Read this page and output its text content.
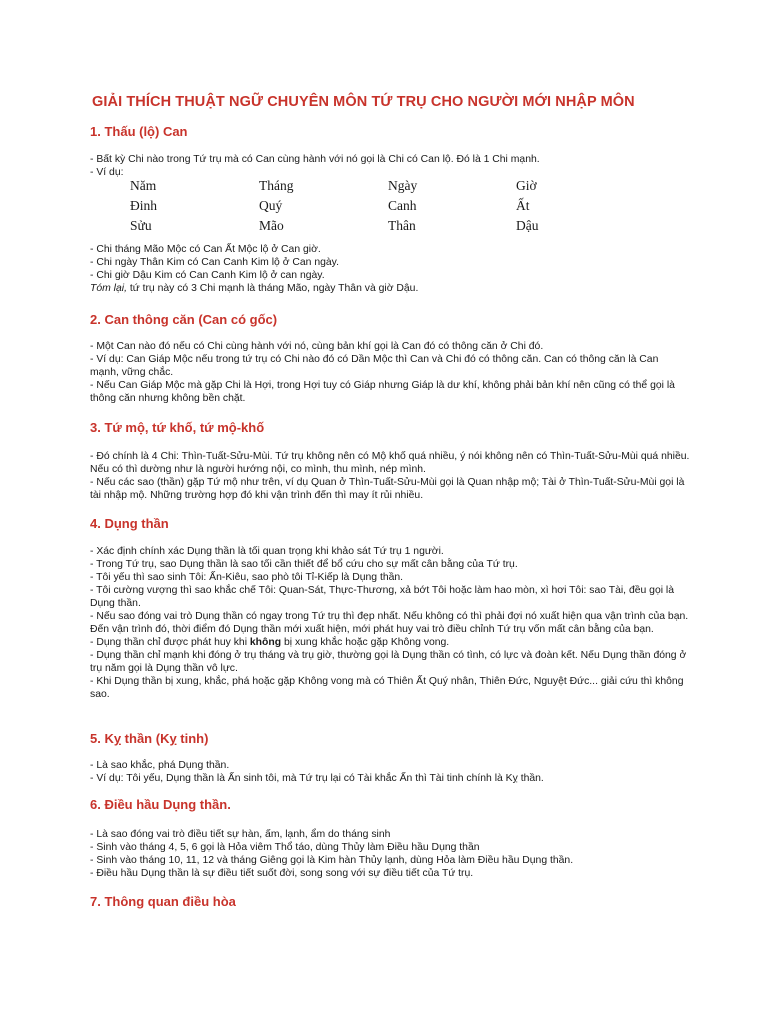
GIẢI THÍCH THUẬT NGỮ CHUYÊN MÔN TỨ TRỤ CHO NGƯỜI MỚI NHẬP MÔN
1. Thấu (lộ) Can
- Bất kỳ Chi nào trong Tứ trụ mà có Can cùng hành với nó gọi là Chi có Can lộ. Đó là 1 Chi mạnh.
- Ví dụ:
Năm	Tháng	Ngày	Giờ
Đinh	Quý	Canh	Ất
Sửu	Mão	Thân	Dậu
- Chi tháng Mão Mộc có Can Ất Mộc lộ ở Can giờ.
- Chi ngày Thân Kim có Can Canh Kim lộ ở Can ngày.
- Chi giờ Dậu Kim có Can Canh Kim lộ ở can ngày.
Tóm lại, tứ trụ này có 3 Chi mạnh là tháng Mão, ngày Thân và giờ Dậu.
2. Can thông căn (Can có gốc)
- Một Can nào đó nếu có Chi cùng hành với nó, cùng bản khí gọi là Can đó có thông căn ở Chi đó.
- Ví dụ: Can Giáp Mộc nếu trong tứ trụ có Chi nào đó có Dần Mộc thì Can và Chi đó có thông căn. Can có thông căn là Can mạnh, vững chắc.
- Nếu Can Giáp Mộc mà gặp Chi là Hợi, trong Hợi tuy có Giáp nhưng Giáp là dư khí, không phải bản khí nên cũng có thể gọi là thông căn nhưng không bền chặt.
3. Tứ mộ, tứ khố, tứ mộ-khố
- Đó chính là 4 Chi: Thìn-Tuất-Sửu-Mùi. Tứ trụ không nên có Mộ khố quá nhiều, ý nói không nên có Thìn-Tuất-Sửu-Mùi quá nhiều. Nếu có thì dường như là người hướng nội, co mình, thu mình, nép mình.
- Nếu các sao (thần) gặp Tứ mộ như trên, ví dụ Quan ở Thìn-Tuất-Sửu-Mùi gọi là Quan nhập mộ; Tài ở Thìn-Tuất-Sửu-Mùi gọi là tài nhập mộ. Những trường hợp đó khi vận trình đến thì may ít rủi nhiều.
4. Dụng thần
- Xác định chính xác Dụng thần là tối quan trọng khi khảo sát Tứ trụ 1 người.
- Trong Tứ trụ, sao Dụng thần là sao tối cần thiết để bổ cứu cho sự mất cân bằng của Tứ trụ.
- Tôi yếu thì sao sinh Tôi: Ấn-Kiêu, sao phò tôi Tỉ-Kiếp là Dụng thần.
- Tôi cường vượng thì sao khắc chế Tôi: Quan-Sát, Thực-Thương, xả bớt Tôi hoặc làm hao mòn, xì hơi Tôi: sao Tài, đều gọi là Dụng thần.
- Nếu sao đóng vai trò Dụng thần có ngay trong Tứ trụ thì đẹp nhất. Nếu không có thì phải đợi nó xuất hiện qua vận trình của bạn. Đến vận trình đó, thời điểm đó Dụng thần mới xuất hiện, mới phát huy vai trò điều chỉnh Tứ trụ vốn mất cân bằng của bạn.
- Dụng thần chỉ được phát huy khi không bị xung khắc hoặc gặp Không vong.
- Dụng thần chỉ mạnh khi đóng ở trụ tháng và trụ giờ, thường gọi là Dụng thần có tình, có lực và đoàn kết. Nếu Dụng thần đóng ở trụ năm gọi là Dụng thần vô lực.
- Khi Dụng thần bị xung, khắc, phá hoặc gặp Không vong mà có Thiên Ất Quý nhân, Thiên Đức, Nguyệt Đức... giải cứu thì không sao.
5. Kỵ thần (Kỵ tinh)
- Là sao khắc, phá Dụng thần.
- Ví dụ: Tôi yếu, Dụng thần là Ấn sinh tôi, mà Tứ trụ lại có Tài khắc Ấn thì Tài tinh chính là Kỵ thần.
6. Điều hầu Dụng thần.
- Là sao đóng vai trò điều tiết sự hàn, ấm, lạnh, ẩm do tháng sinh
- Sinh vào tháng 4, 5, 6 gọi là Hỏa viêm Thổ táo, dùng Thủy làm Điều hầu Dụng thần
- Sinh vào tháng 10, 11, 12 và tháng Giêng gọi là Kim hàn Thủy lạnh, dùng Hỏa làm Điều hầu Dụng thần.
- Điều hầu Dụng thần là sự điều tiết suốt đời, song song với sự điều tiết của Tứ trụ.
7. Thông quan điều hòa
